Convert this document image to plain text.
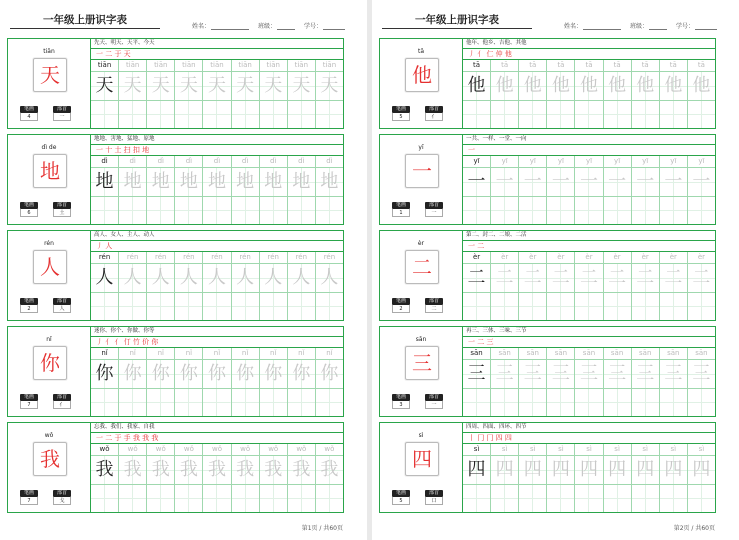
一年级上册识字表
姓名：	班级：	学号：
tiān
天
笔画
4
部首
一
先天、明天、天平、今天
一 二 于 天
tiān	tiān	tiān	tiān	tiān	tiān	tiān	tiān	tiān
天 天 天 天 天 天 天 天 天
dì de
地
笔画
6
部首
土
地地、害地、猛地、原地
一 十 土 扫 扣 地
dì	dì	dì	dì	dì	dì	dì	dì	dì
地 地 地 地 地 地 地 地 地
rén
人
笔画
2
部首
人
高人、女人、主人、动人
丿 人
rén	rén	rén	rén	rén	rén	rén	rén	rén
人 人 人 人 人 人 人 人 人
nǐ
你
笔画
7
部首
亻
迷你、你个、你做、你等
丿 亻 亻 仃 竹 价 你
nǐ	nǐ	nǐ	nǐ	nǐ	nǐ	nǐ	nǐ	nǐ
你 你 你 你 你 你 你 你 你
wǒ
我
笔画
7
部首
戈
忘我、我们、我家、自我
一 二 于 手 我 我 我
wǒ	wǒ	wǒ	wǒ	wǒ	wǒ	wǒ	wǒ	wǒ
我 我 我 我 我 我 我 我 我
第1页 / 共60页
一年级上册识字表
姓名：	班级：	学号：
tā
他
笔画
5
部首
亻
他年、他乡、吉他、其他
丿 亻 仁 仲 他
tā	tā	tā	tā	tā	tā	tā	tā	tā
他 他 他 他 他 他 他 他 他
yī
一
笔画
1
部首
一
一共、一样、一堂、一向
一
yī	yī	yī	yī	yī	yī	yī	yī	yī
一 一 一 一 一 一 一 一 一
èr
二
笔画
2
部首
二
第二、封二、二娘、二活
一 二
èr	èr	èr	èr	èr	èr	èr	èr	èr
二 二 二 二 二 二 二 二 二
sān
三
笔画
3
部首
一
再三、三体、三味、三节
一 二 三
sān	sān	sān	sān	sān	sān	sān	sān	sān
三 三 三 三 三 三 三 三 三
sì
四
笔画
5
部首
口
四周、四面、四环、四节
丨 冂 冂 四 四
sì	sì	sì	sì	sì	sì	sì	sì	sì
四 四 四 四 四 四 四 四 四
第2页 / 共60页
